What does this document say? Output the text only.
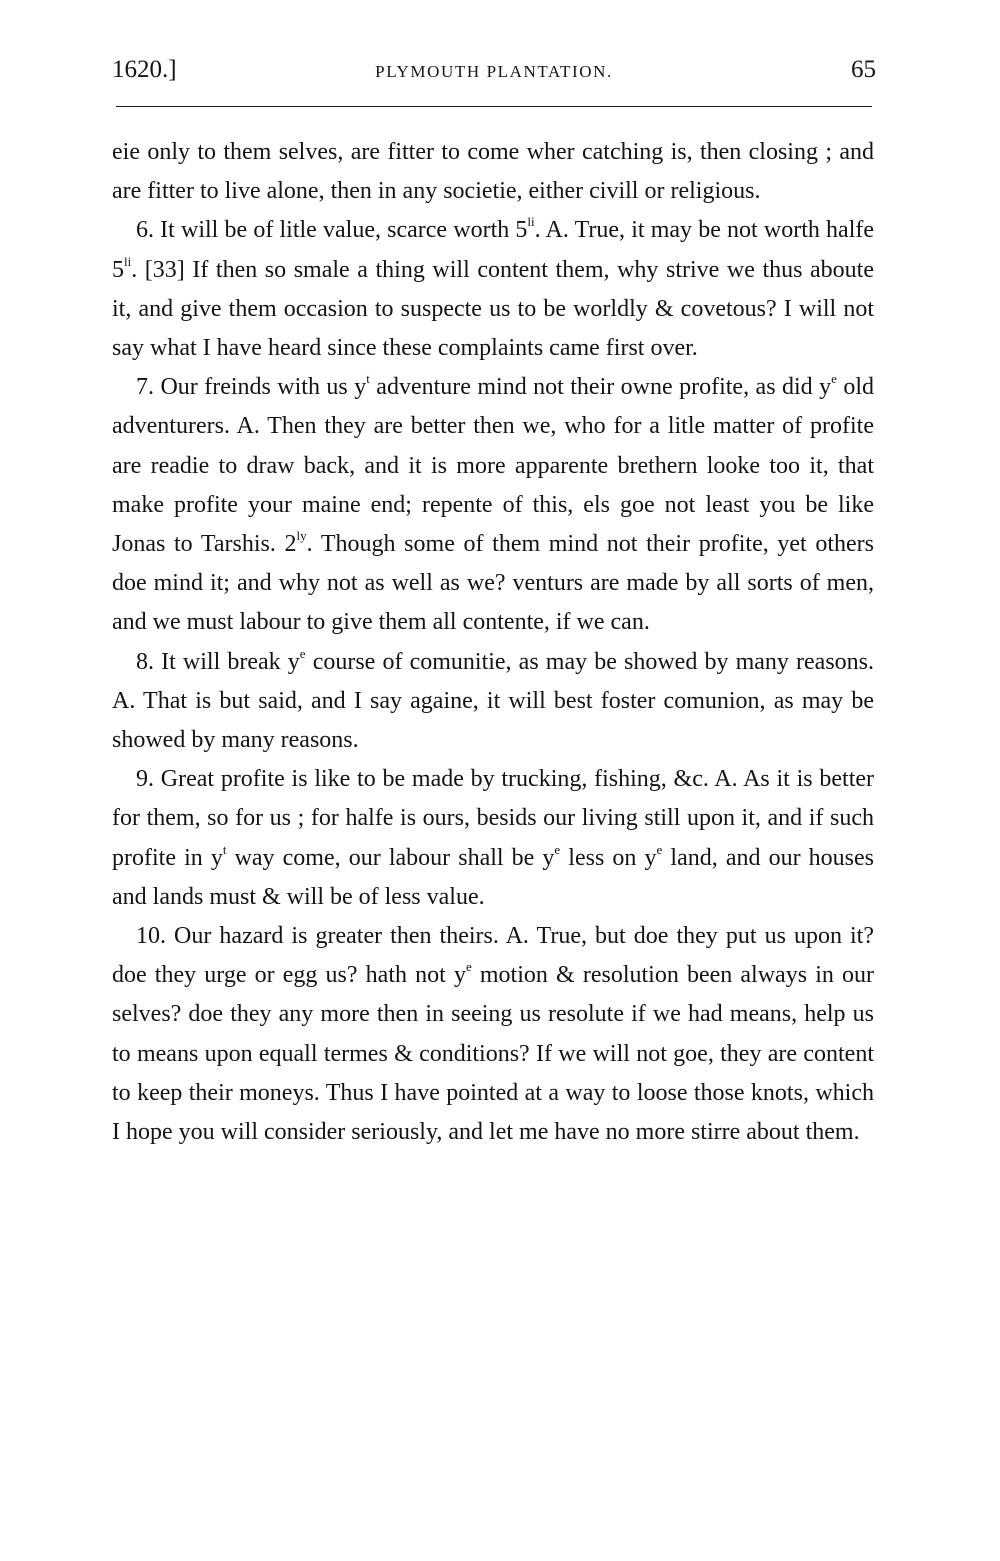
1620.]	PLYMOUTH PLANTATION.	65

eie only to them selves, are fitter to come wher catching is, then closing ; and are fitter to live alone, then in any societie, either civill or religious.

6. It will be of litle value, scarce worth $5^{li}$. A. True, it may be not worth halfe $5^{li}$. [33] If then so smale a thing will content them, why strive we thus aboute it, and give them occasion to suspecte us to be worldly & covetous? I will not say what I have heard since these complaints came first over.

7. Our freinds with us $y^t$ adventure mind not their owne profite, as did $y^e$ old adventurers. A. Then they are better then we, who for a litle matter of profite are readie to draw back, and it is more apparente brethern looke too it, that make profite your maine end; repente of this, els goe not least you be like Jonas to Tarshis. $2^{ly}$. Though some of them mind not their profite, yet others doe mind it; and why not as well as we? venturs are made by all sorts of men, and we must labour to give them all contente, if we can.

8. It will break $y^e$ course of comunitie, as may be showed by many reasons. A. That is but said, and I say againe, it will best foster comunion, as may be showed by many reasons.

9. Great profite is like to be made by trucking, fishing, &c. A. As it is better for them, so for us ; for halfe is ours, besids our living still upon it, and if such profite in $y^t$ way come, our labour shall be $y^e$ less on $y^e$ land, and our houses and lands must & will be of less value.

10. Our hazard is greater then theirs. A. True, but doe they put us upon it? doe they urge or egg us? hath not $y^e$ motion & resolution been always in our selves? doe they any more then in seeing us resolute if we had means, help us to means upon equall termes & conditions? If we will not goe, they are content to keep their moneys. Thus I have pointed at a way to loose those knots, which I hope you will consider seriously, and let me have no more stirre about them.
